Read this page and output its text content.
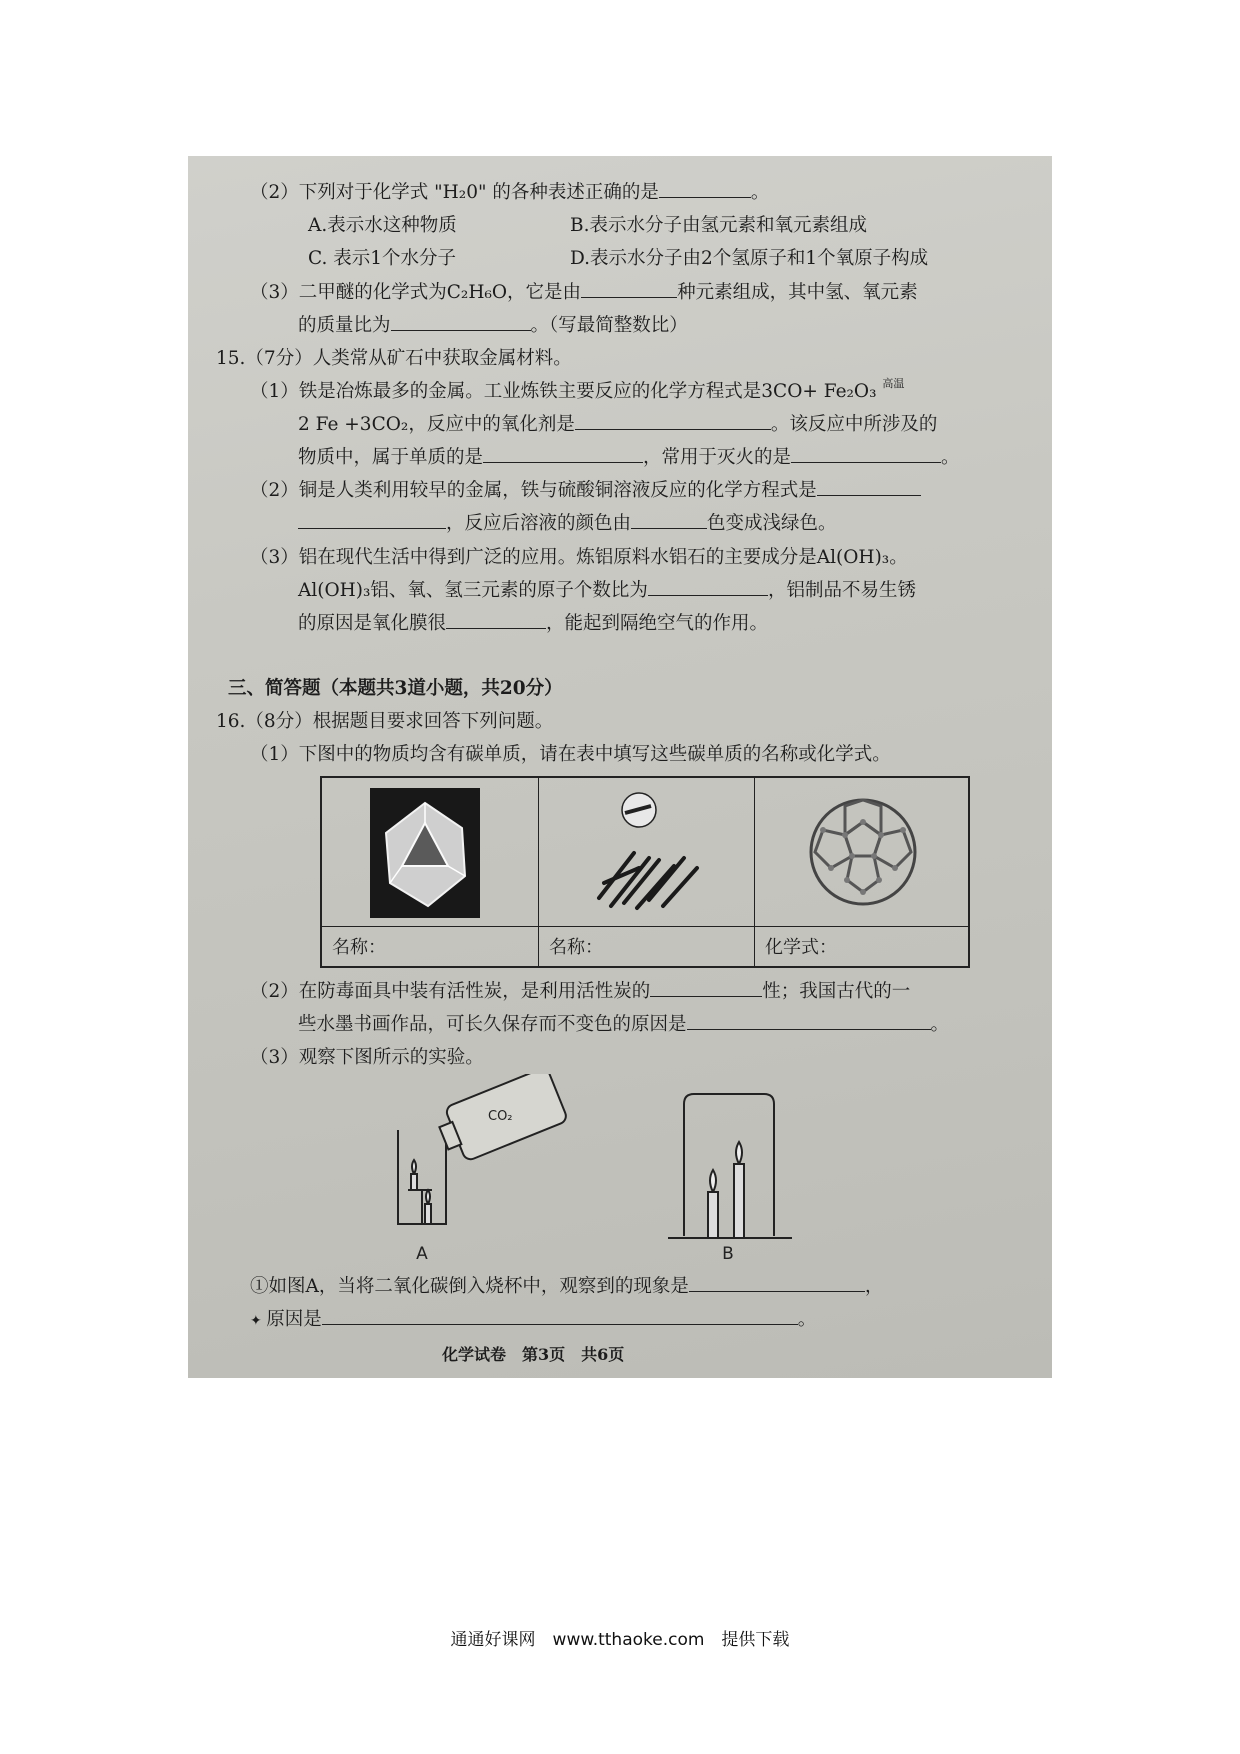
（2）下列对于化学式 "H₂0" 的各种表述正确的是	。
A.表示水这种物质	B.表示水分子由氢元素和氧元素组成
C. 表示1个水分子	D.表示水分子由2个氢原子和1个氧原子构成
（3）二甲醚的化学式为C₂H₆O，它是由	种元素组成，其中氢、氧元素
的质量比为	。（写最简整数比）
15.（7分）人类常从矿石中获取金属材料。
（1）铁是冶炼最多的金属。工业炼铁主要反应的化学方程式是3CO+ Fe₂O₃ $^{高温}$
2 Fe +3CO₂，反应中的氧化剂是	。该反应中所涉及的
物质中，属于单质的是	，常用于灭火的是	。
（2）铜是人类利用较早的金属，铁与硫酸铜溶液反应的化学方程式是
，反应后溶液的颜色由	色变成浅绿色。
（3）铝在现代生活中得到广泛的应用。炼铝原料水铝石的主要成分是Al(OH)₃。
Al(OH)₃铝、氧、氢三元素的原子个数比为	，铝制品不易生锈
的原因是氧化膜很	，能起到隔绝空气的作用。
三、简答题（本题共3道小题，共20分）
16.（8分）根据题目要求回答下列问题。
（1）下图中的物质均含有碳单质，请在表中填写这些碳单质的名称或化学式。
名称：	名称：	化学式：
（2）在防毒面具中装有活性炭，是利用活性炭的	性；我国古代的一
些水墨书画作品，可长久保存而不变色的原因是	。
（3）观察下图所示的实验。
CO₂
A	B
①如图A，当将二氧化碳倒入烧杯中，观察到的现象是	，
✦ 原因是	。
化学试卷　第3页　共6页
通通好课网　www.tthaoke.com　提供下载
